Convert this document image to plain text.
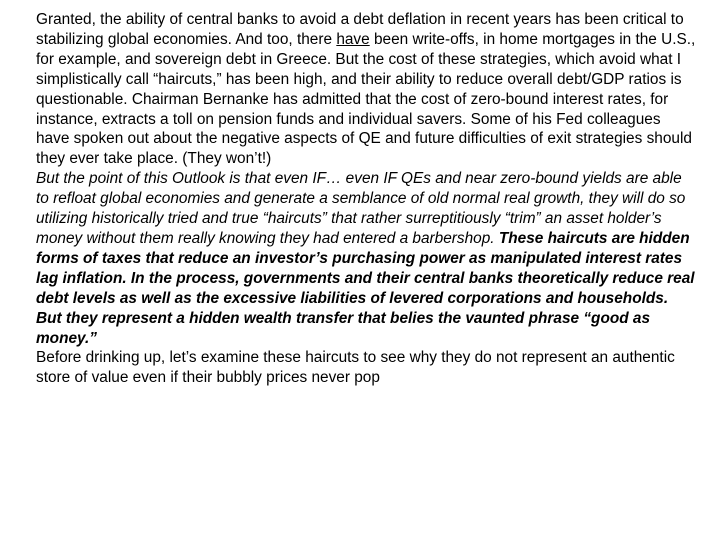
Granted, the ability of central banks to avoid a debt deflation in recent years has been critical to stabilizing global economies. And too, there have been write-offs, in home mortgages in the U.S., for example, and sovereign debt in Greece. But the cost of these strategies, which avoid what I simplistically call “haircuts,” has been high, and their ability to reduce overall debt/GDP ratios is questionable. Chairman Bernanke has admitted that the cost of zero-bound interest rates, for instance, extracts a toll on pension funds and individual savers. Some of his Fed colleagues have spoken out about the negative aspects of QE and future difficulties of exit strategies should they ever take place. (They won’t!)

But the point of this Outlook is that even IF… even IF QEs and near zero-bound yields are able to refloat global economies and generate a semblance of old normal real growth, they will do so utilizing historically tried and true “haircuts” that rather surreptitiously “trim” an asset holder’s money without them really knowing they had entered a barbershop. These haircuts are hidden forms of taxes that reduce an investor’s purchasing power as manipulated interest rates lag inflation. In the process, governments and their central banks theoretically reduce real debt levels as well as the excessive liabilities of levered corporations and households. But they represent a hidden wealth transfer that belies the vaunted phrase “good as money.”

Before drinking up, let’s examine these haircuts to see why they do not represent an authentic store of value even if their bubbly prices never pop
